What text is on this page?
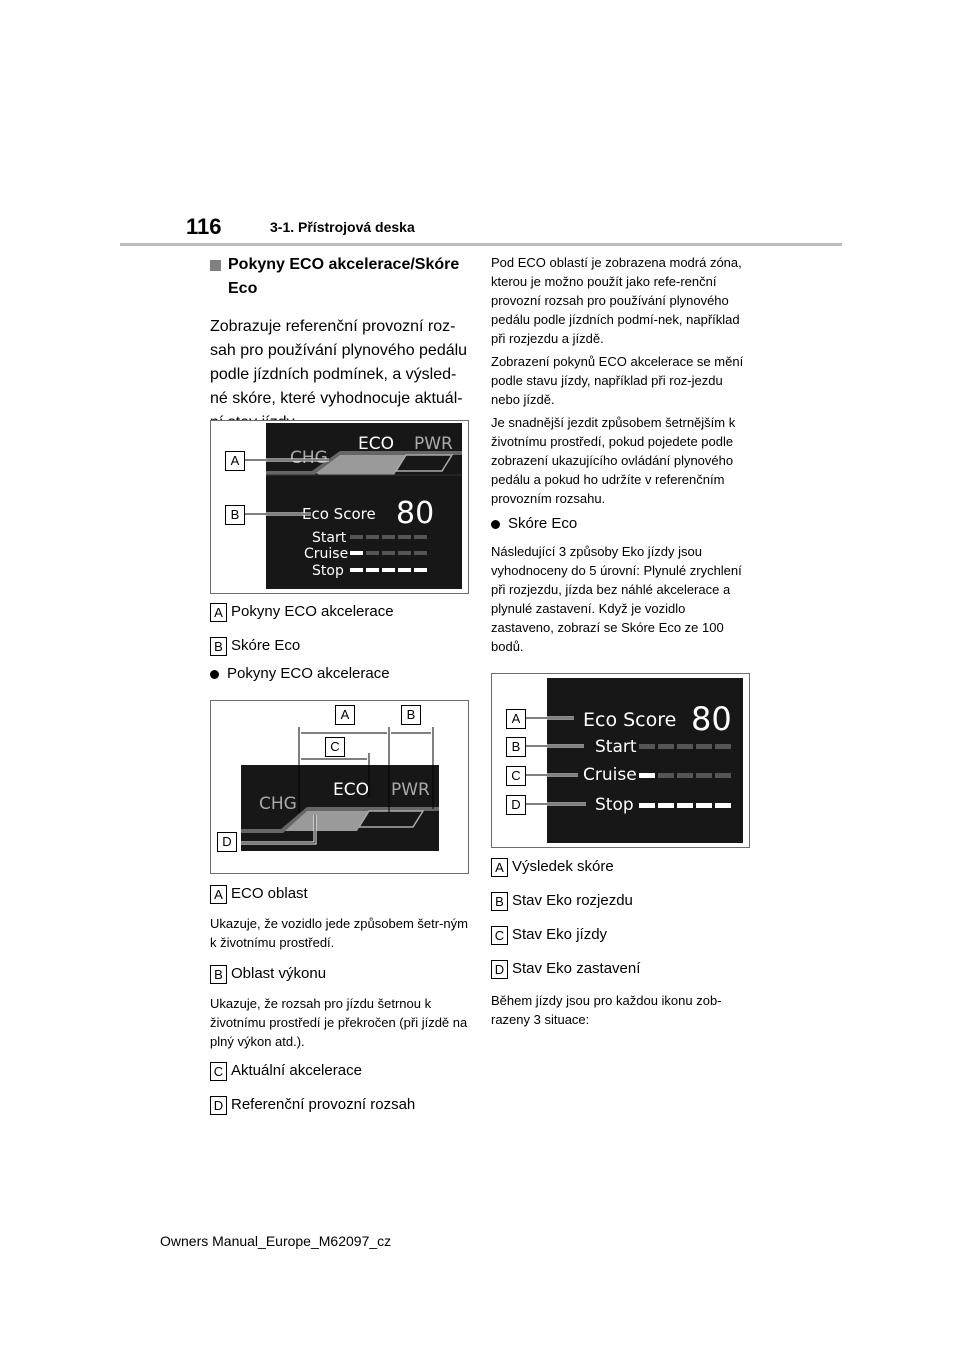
116	3-1. Přístrojová deska
Pokyny ECO akcelerace/Skóre Eco

Zobrazuje referenční provozní roz-sah pro používání plynového pedálu podle jízdních podmínek, a výsled-né skóre, které vyhodnocuje aktuál-

CHG
ECO PWR
Eco Score 80
Start
Cruise
Stop
A
B
A Pokyny ECO akcelerace
B Skóre Eco
Pokyny ECO akcelerace
CHG
ECO PWR
A	B
C
D
A ECO oblast

Ukazuje, že vozidlo jede způsobem šetr-ným k životnímu prostředí.

B Oblast výkonu

Ukazuje, že rozsah pro jízdu šetrnou k životnímu prostředí je překročen (při jízdě na plný výkon atd.).

C Aktuální akcelerace
D Referenční provozní rozsah

Pod ECO oblastí je zobrazena modrá zóna, kterou je možno použít jako refe-renční provozní rozsah pro používání plynového pedálu podle jízdních podmí-nek, například při rozjezdu a jízdě.

Zobrazení pokynů ECO akcelerace se mění podle stavu jízdy, například při roz-jezdu nebo jízdě.

Je snadnější jezdit způsobem šetrnějším k životnímu prostředí, pokud pojedete podle zobrazení ukazujícího ovládání plynového pedálu a pokud ho udržíte v referenčním provozním rozsahu.

Skóre Eco

Následující 3 způsoby Eko jízdy jsou vyhodnoceny do 5 úrovní: Plynulé zrychlení při rozjezdu, jízda bez náhlé akcelerace a plynulé zastavení. Když je vozidlo zastaveno, zobrazí se Skóre Eco ze 100 bodů.

Eco Score 80
Start
Cruise
Stop
A
B
C
D
A Výsledek skóre
B Stav Eko rozjezdu
C Stav Eko jízdy
D Stav Eko zastavení

Během jízdy jsou pro každou ikonu zob-razeny 3 situace:

Owners Manual_Europe_M62097_cz
